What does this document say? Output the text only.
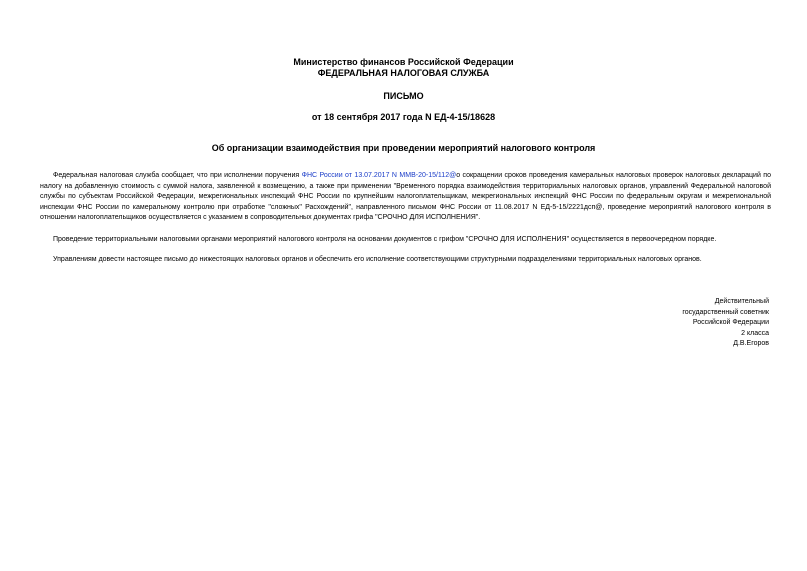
Министерство финансов Российской Федерации
ФЕДЕРАЛЬНАЯ НАЛОГОВАЯ СЛУЖБА
ПИСЬМО
от 18 сентября 2017 года N ЕД-4-15/18628
Об организации взаимодействия при проведении мероприятий налогового контроля
Федеральная налоговая служба сообщает, что при исполнении поручения ФНС России от 13.07.2017 N ММВ-20-15/112@о сокращении сроков проведения камеральных налоговых проверок налоговых деклараций по налогу на добавленную стоимость с суммой налога, заявленной к возмещению, а также при применении "Временного порядка взаимодействия территориальных налоговых органов, управлений Федеральной налоговой службы по субъектам Российской Федерации, межрегиональных инспекций ФНС России по крупнейшим налогоплательщикам, межрегиональных инспекций ФНС России по федеральным округам и межрегиональной инспекции ФНС России по камеральному контролю при отработке "сложных" Расхождений", направленного письмом ФНС России от 11.08.2017 N ЕД-5-15/2221дсп@, проведение мероприятий налогового контроля в отношении налогоплательщиков осуществляется с указанием в сопроводительных документах грифа "СРОЧНО ДЛЯ ИСПОЛНЕНИЯ".
Проведение территориальными налоговыми органами мероприятий налогового контроля на основании документов с грифом "СРОЧНО ДЛЯ ИСПОЛНЕНИЯ" осуществляется в первоочередном порядке.
Управлениям довести настоящее письмо до нижестоящих налоговых органов и обеспечить его исполнение соответствующими структурными подразделениями территориальных налоговых органов.
Действительный
государственный советник
Российской Федерации
2 класса
Д.В.Егоров
